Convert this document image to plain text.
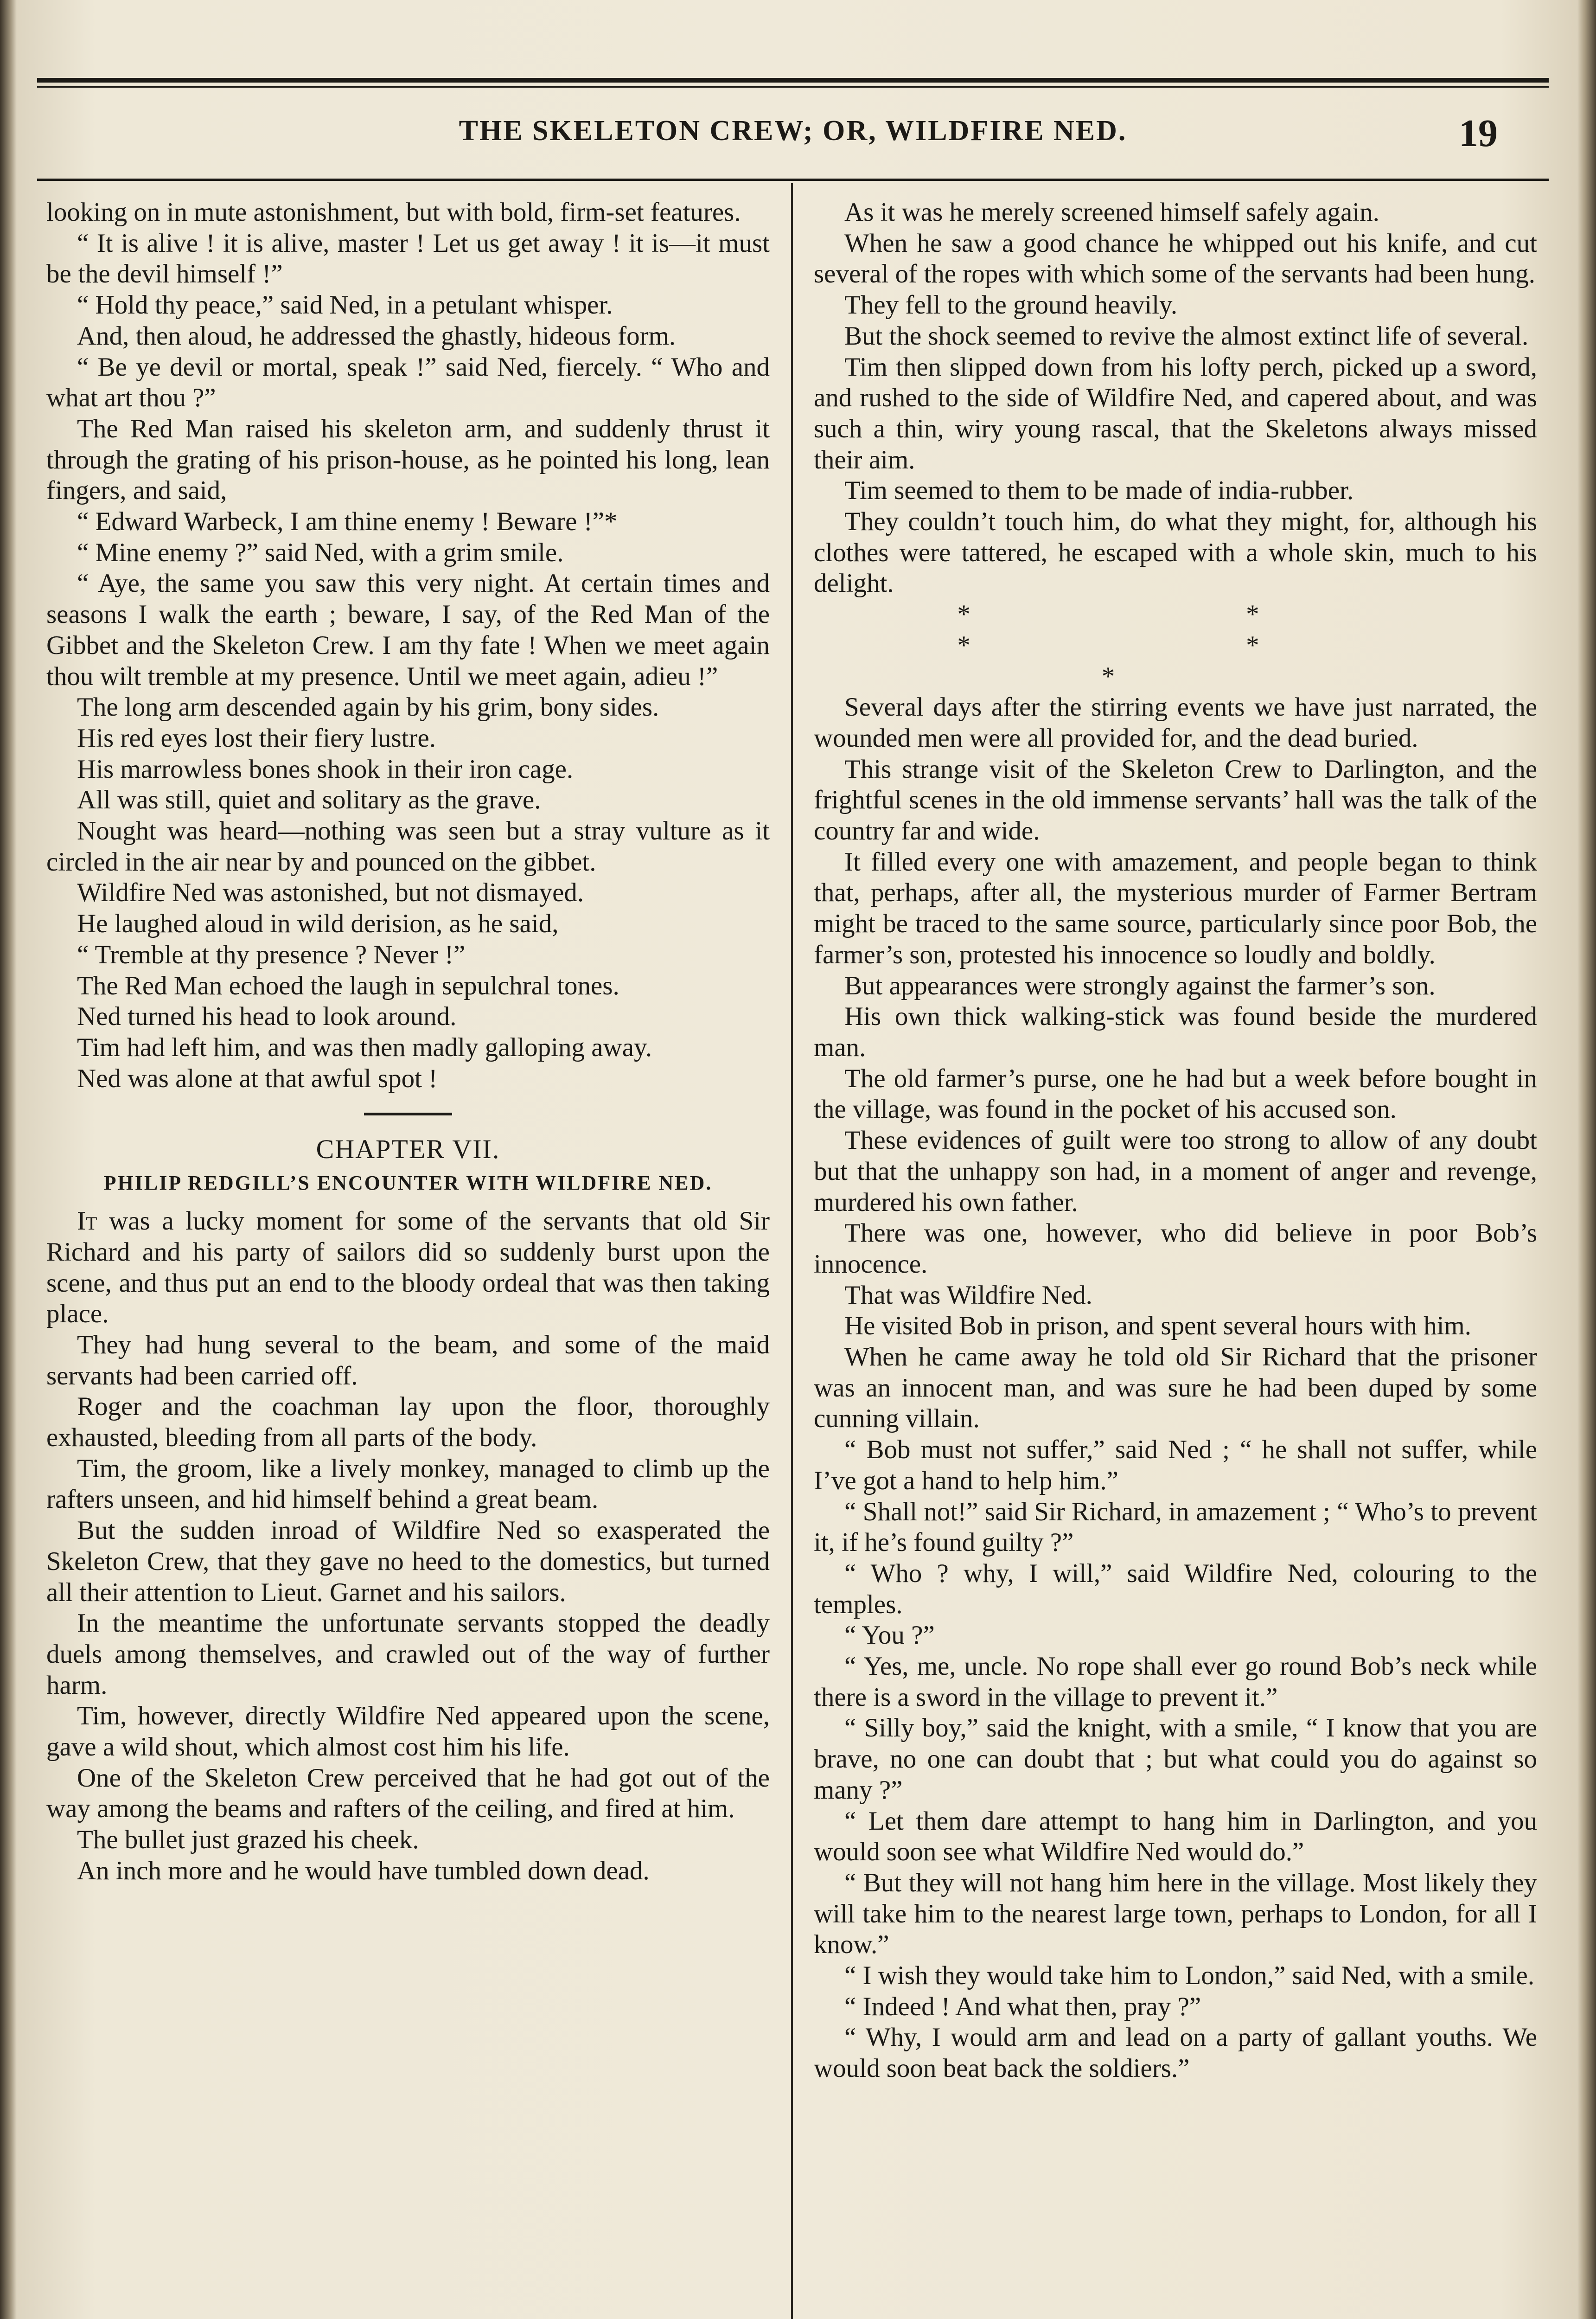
THE SKELETON CREW; OR, WILDFIRE NED.	19

looking on in mute astonishment, but with bold, firm-set features.

“ It is alive ! it is alive, master ! Let us get away ! it is—it must be the devil himself !”

“ Hold thy peace,” said Ned, in a petulant whisper.

And, then aloud, he addressed the ghastly, hideous form.

“ Be ye devil or mortal, speak !” said Ned, fiercely. “ Who and what art thou ?”

The Red Man raised his skeleton arm, and suddenly thrust it through the grating of his prison-house, as he pointed his long, lean fingers, and said,

“ Edward Warbeck, I am thine enemy ! Beware !”*

“ Mine enemy ?” said Ned, with a grim smile.

“ Aye, the same you saw this very night. At certain times and seasons I walk the earth ; beware, I say, of the Red Man of the Gibbet and the Skeleton Crew. I am thy fate ! When we meet again thou wilt tremble at my presence. Until we meet again, adieu !”

The long arm descended again by his grim, bony sides.

His red eyes lost their fiery lustre.

His marrowless bones shook in their iron cage.

All was still, quiet and solitary as the grave.

Nought was heard—nothing was seen but a stray vulture as it circled in the air near by and pounced on the gibbet.

Wildfire Ned was astonished, but not dismayed.

He laughed aloud in wild derision, as he said,

“ Tremble at thy presence ? Never !”

The Red Man echoed the laugh in sepulchral tones.

Ned turned his head to look around.

Tim had left him, and was then madly galloping away.

Ned was alone at that awful spot !

CHAPTER VII.
PHILIP REDGILL’S ENCOUNTER WITH WILDFIRE NED.

It was a lucky moment for some of the servants that old Sir Richard and his party of sailors did so suddenly burst upon the scene, and thus put an end to the bloody ordeal that was then taking place.

They had hung several to the beam, and some of the maid servants had been carried off.

Roger and the coachman lay upon the floor, thoroughly exhausted, bleeding from all parts of the body.

Tim, the groom, like a lively monkey, managed to climb up the rafters unseen, and hid himself behind a great beam.

But the sudden inroad of Wildfire Ned so exasperated the Skeleton Crew, that they gave no heed to the domestics, but turned all their attention to Lieut. Garnet and his sailors.

In the meantime the unfortunate servants stopped the deadly duels among themselves, and crawled out of the way of further harm.

Tim, however, directly Wildfire Ned appeared upon the scene, gave a wild shout, which almost cost him his life.

One of the Skeleton Crew perceived that he had got out of the way among the beams and rafters of the ceiling, and fired at him.

The bullet just grazed his cheek.

An inch more and he would have tumbled down dead.

As it was he merely screened himself safely again.

When he saw a good chance he whipped out his knife, and cut several of the ropes with which some of the servants had been hung.

They fell to the ground heavily.

But the shock seemed to revive the almost extinct life of several.

Tim then slipped down from his lofty perch, picked up a sword, and rushed to the side of Wildfire Ned, and capered about, and was such a thin, wiry young rascal, that the Skeletons always missed their aim.

Tim seemed to them to be made of india-rubber.

They couldn’t touch him, do what they might, for, although his clothes were tattered, he escaped with a whole skin, much to his delight.

* * * * *

Several days after the stirring events we have just narrated, the wounded men were all provided for, and the dead buried.

This strange visit of the Skeleton Crew to Darlington, and the frightful scenes in the old immense servants’ hall was the talk of the country far and wide.

It filled every one with amazement, and people began to think that, perhaps, after all, the mysterious murder of Farmer Bertram might be traced to the same source, particularly since poor Bob, the farmer’s son, protested his innocence so loudly and boldly.

But appearances were strongly against the farmer’s son.

His own thick walking-stick was found beside the murdered man.

The old farmer’s purse, one he had but a week before bought in the village, was found in the pocket of his accused son.

These evidences of guilt were too strong to allow of any doubt but that the unhappy son had, in a moment of anger and revenge, murdered his own father.

There was one, however, who did believe in poor Bob’s innocence.

That was Wildfire Ned.

He visited Bob in prison, and spent several hours with him.

When he came away he told old Sir Richard that the prisoner was an innocent man, and was sure he had been duped by some cunning villain.

“ Bob must not suffer,” said Ned ; “ he shall not suffer, while I’ve got a hand to help him.”

“ Shall not!” said Sir Richard, in amazement ; “ Who’s to prevent it, if he’s found guilty ?”

“ Who ? why, I will,” said Wildfire Ned, colouring to the temples.

“ You ?”

“ Yes, me, uncle. No rope shall ever go round Bob’s neck while there is a sword in the village to prevent it.”

“ Silly boy,” said the knight, with a smile, “ I know that you are brave, no one can doubt that ; but what could you do against so many ?”

“ Let them dare attempt to hang him in Darlington, and you would soon see what Wildfire Ned would do.”

“ But they will not hang him here in the village. Most likely they will take him to the nearest large town, perhaps to London, for all I know.”

“ I wish they would take him to London,” said Ned, with a smile.

“ Indeed ! And what then, pray ?”

“ Why, I would arm and lead on a party of gallant youths. We would soon beat back the soldiers.”
